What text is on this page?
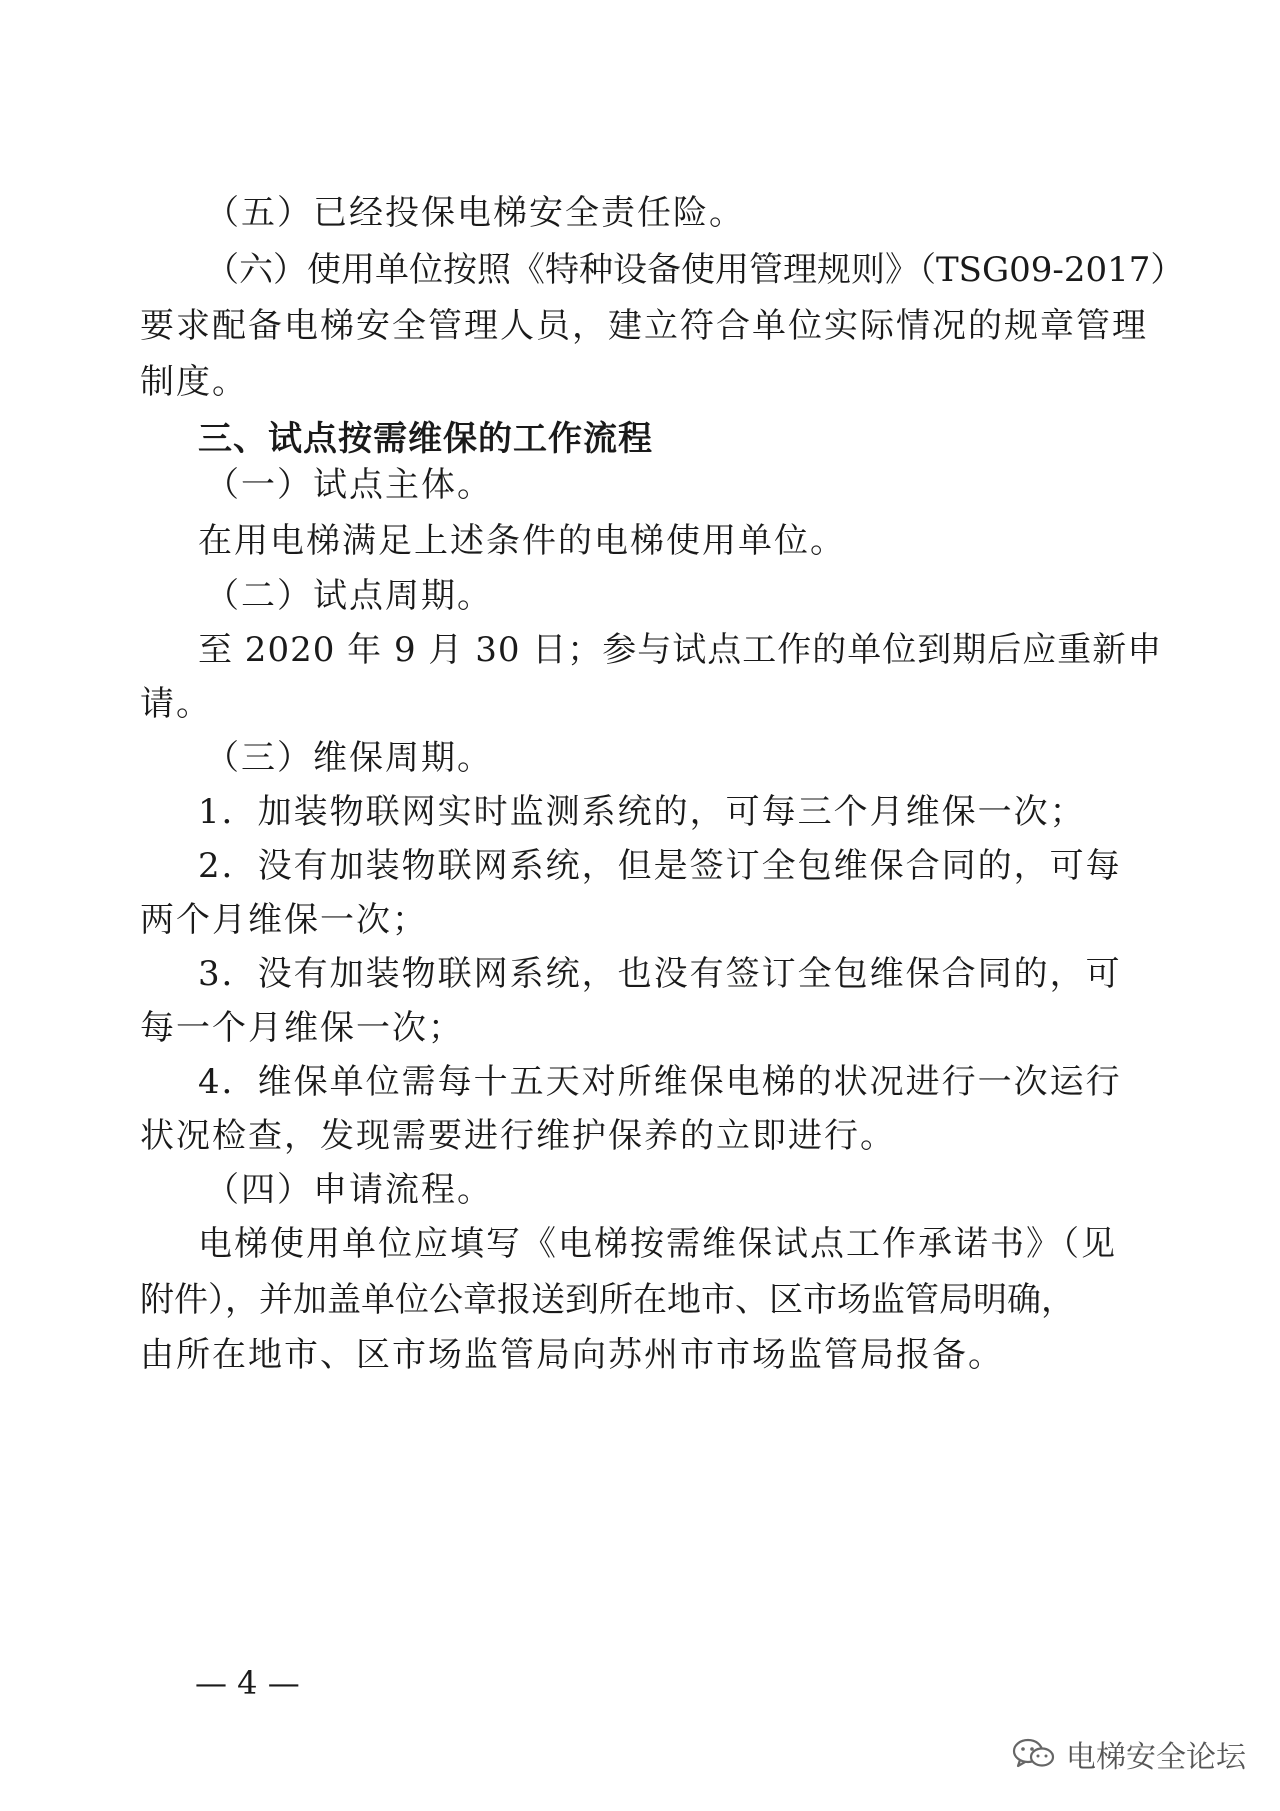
（五）已经投保电梯安全责任险。
（六）使用单位按照《特种设备使用管理规则》（TSG09-2017）
要求配备电梯安全管理人员，建立符合单位实际情况的规章管理
制度。
三、试点按需维保的工作流程
（一）试点主体。
在用电梯满足上述条件的电梯使用单位。
（二）试点周期。
至 2020 年 9 月 30 日；参与试点工作的单位到期后应重新申
请。
（三）维保周期。
1．加装物联网实时监测系统的，可每三个月维保一次；
2．没有加装物联网系统，但是签订全包维保合同的，可每
两个月维保一次；
3．没有加装物联网系统，也没有签订全包维保合同的，可
每一个月维保一次；
4．维保单位需每十五天对所维保电梯的状况进行一次运行
状况检查，发现需要进行维护保养的立即进行。
（四）申请流程。
电梯使用单位应填写《电梯按需维保试点工作承诺书》（见
附件），并加盖单位公章报送到所在地市、区市场监管局明确，
由所在地市、区市场监管局向苏州市市场监管局报备。
— 4 —
电梯安全论坛
